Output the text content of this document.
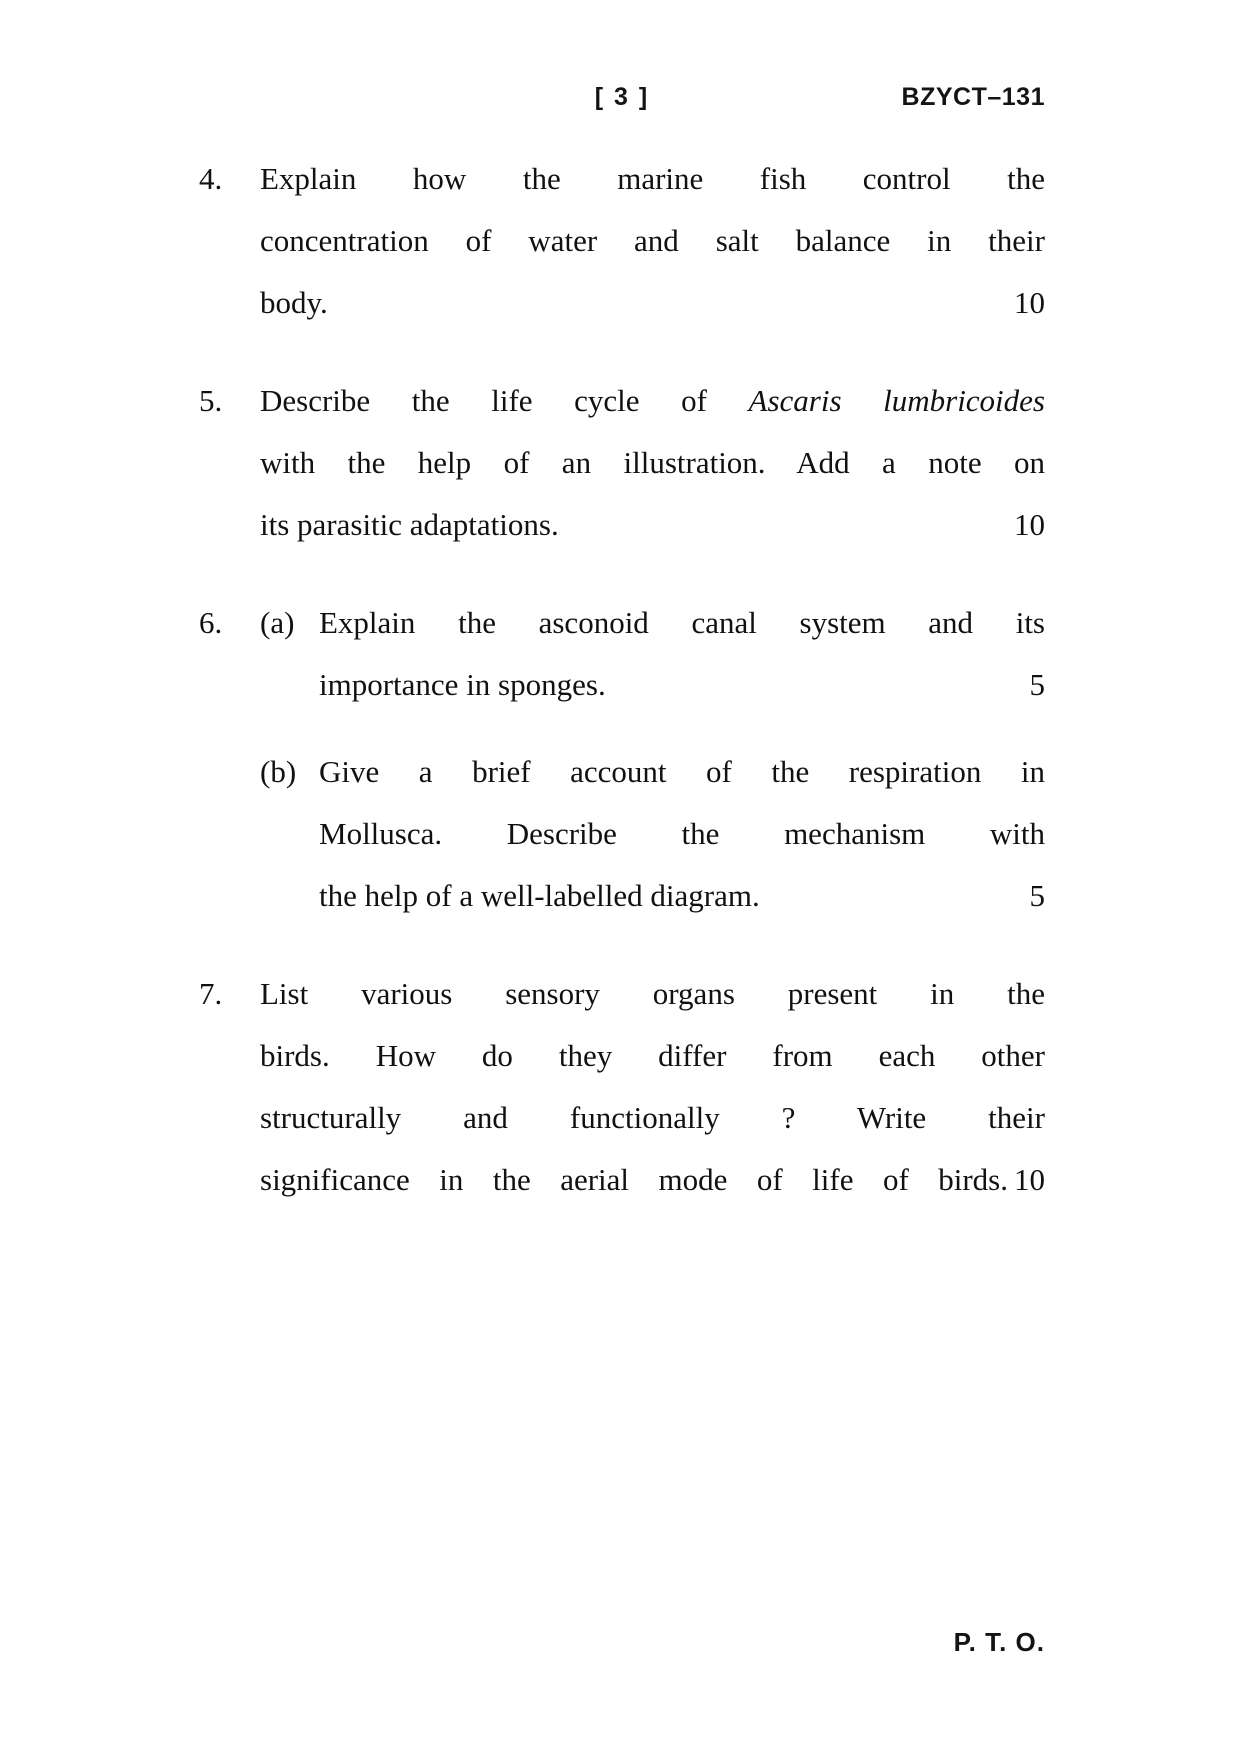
[ 3 ]	BZYCT–131
4.
10
Explain how the marine fish control the
concentration of water and salt balance in their
body.
5.
10
Describe the life cycle of Ascaris lumbricoides
with the help of an illustration. Add a note on
its parasitic adaptations.
6.	(a)
5
Explain the asconoid canal system and its
importance in sponges.
(b)
5
Give a brief account of the respiration in
Mollusca. Describe the mechanism with
the help of a well-labelled diagram.
7.
10
List various sensory organs present in the
birds. How do they differ from each other
structurally and functionally ? Write their
significance in the aerial mode of life of birds.
P. T. O.
